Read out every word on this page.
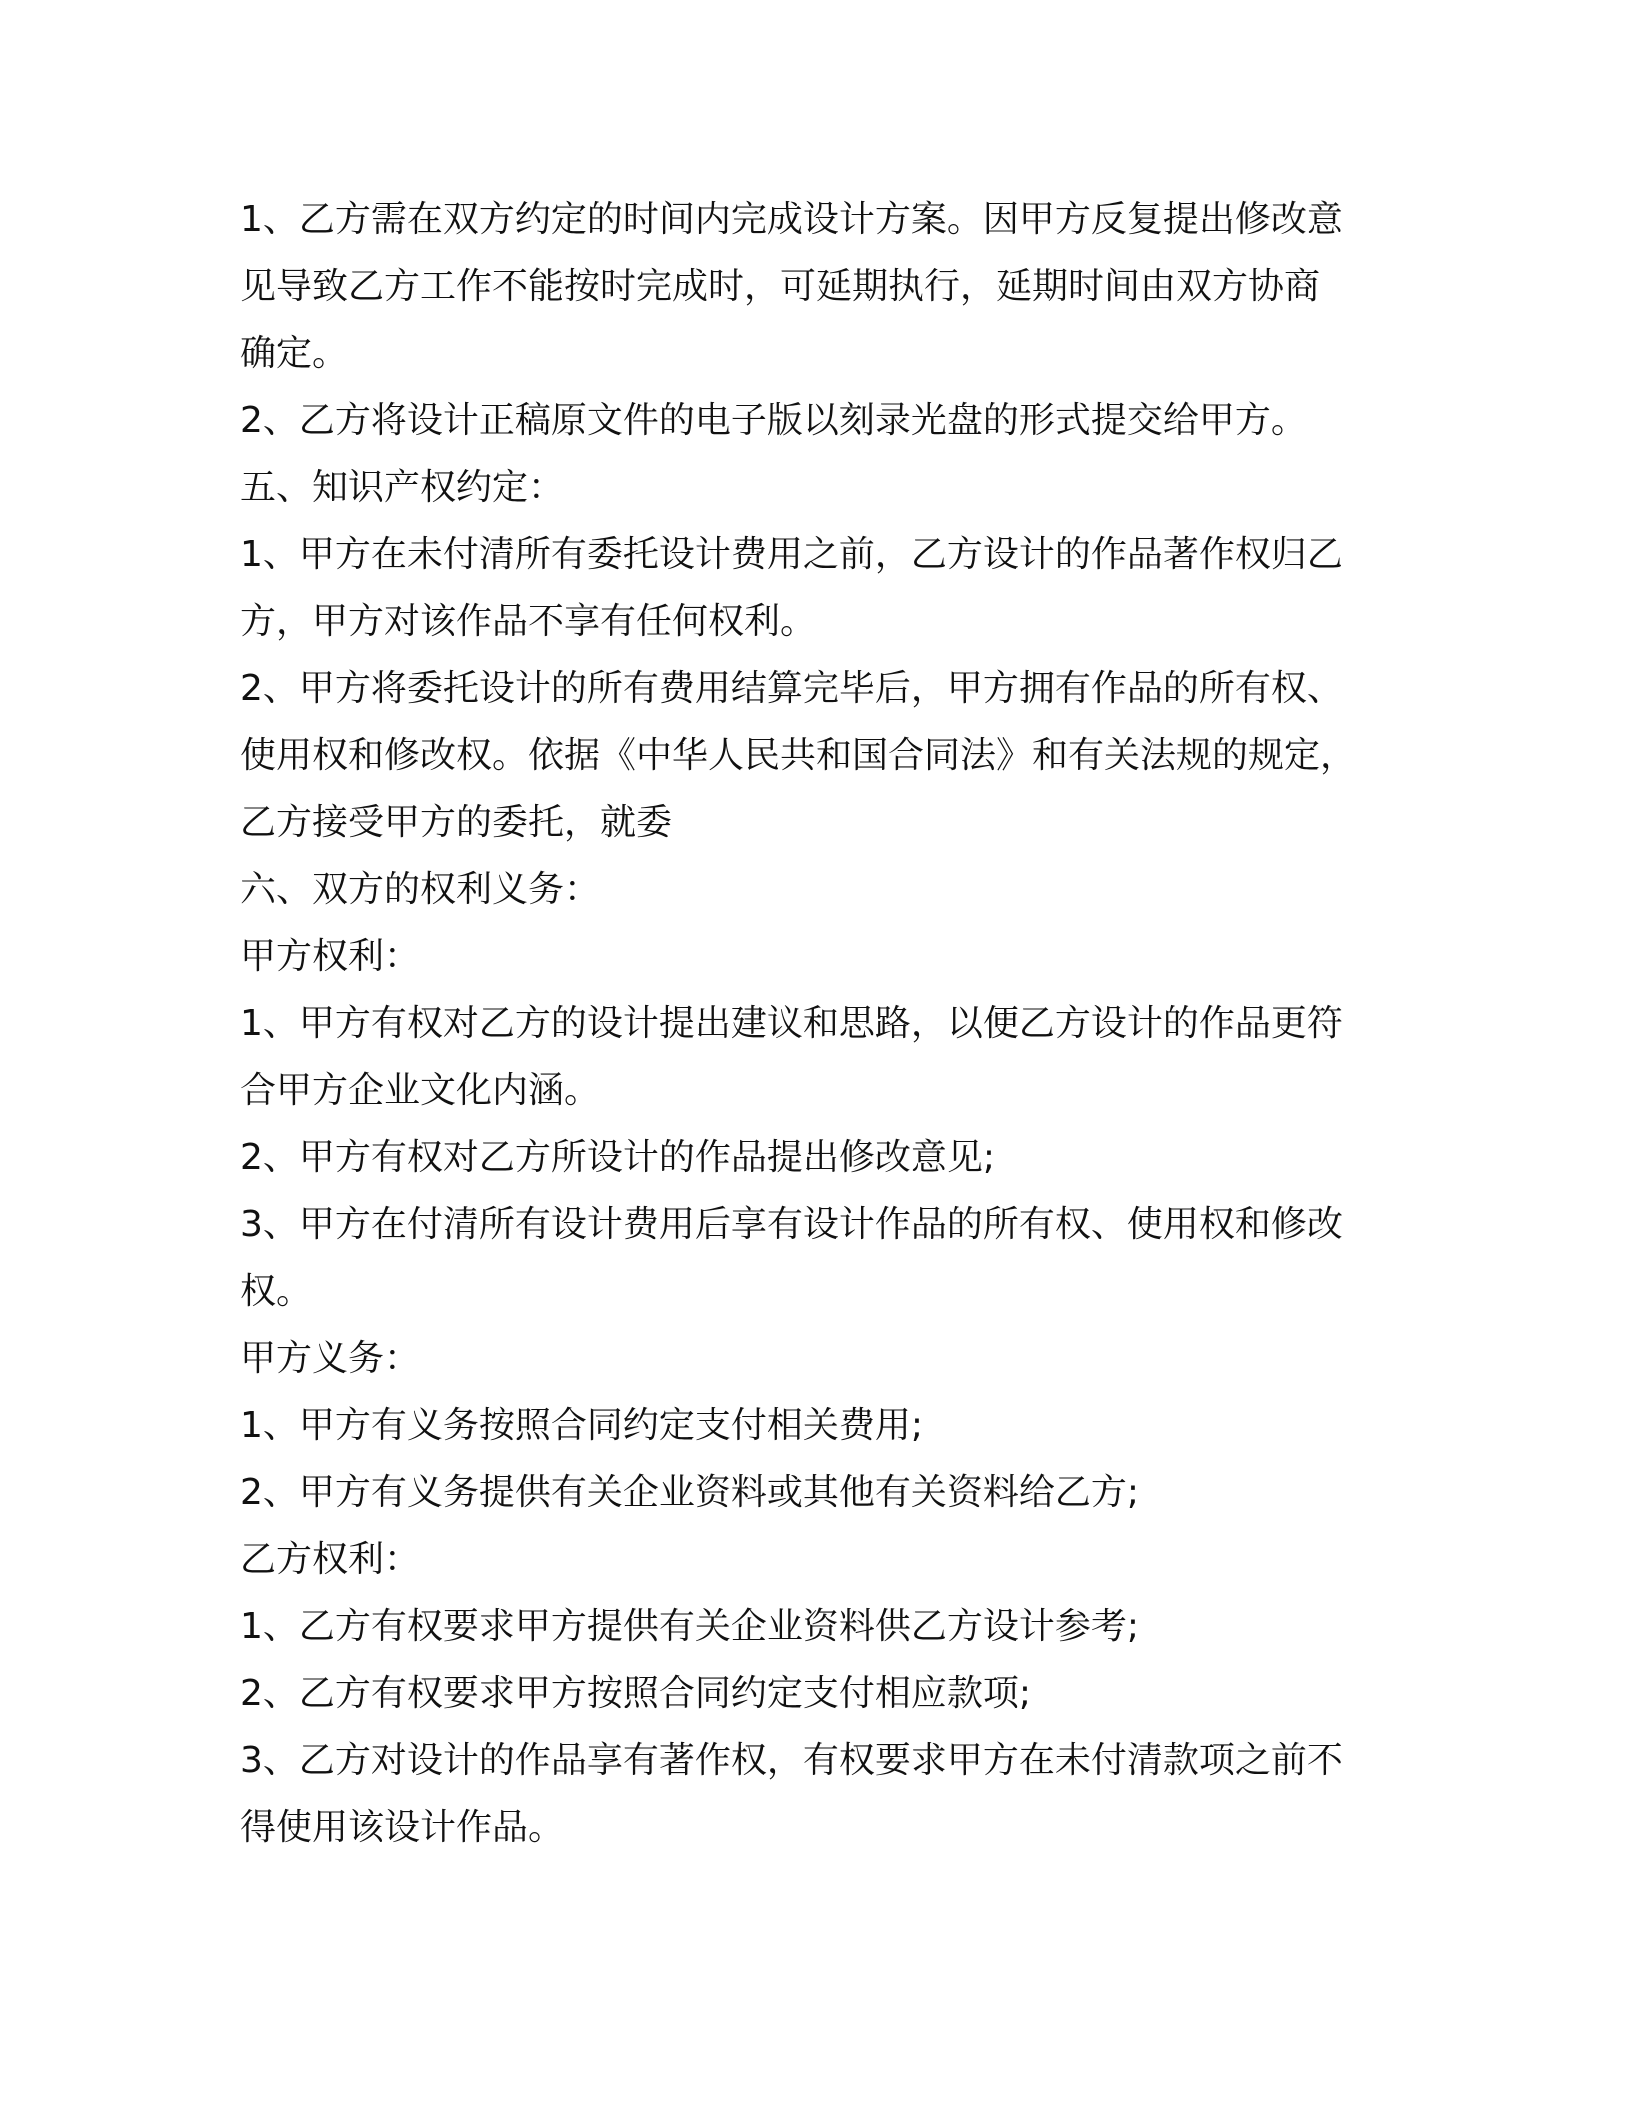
1、乙方需在双方约定的时间内完成设计方案。因甲方反复提出修改意
见导致乙方工作不能按时完成时，可延期执行，延期时间由双方协商
确定。
2、乙方将设计正稿原文件的电子版以刻录光盘的形式提交给甲方。
五、知识产权约定：
1、甲方在未付清所有委托设计费用之前，乙方设计的作品著作权归乙
方，甲方对该作品不享有任何权利。
2、甲方将委托设计的所有费用结算完毕后，甲方拥有作品的所有权、
使用权和修改权。依据《中华人民共和国合同法》和有关法规的规定，
乙方接受甲方的委托，就委
六、双方的权利义务：
甲方权利：
1、甲方有权对乙方的设计提出建议和思路，以便乙方设计的作品更符
合甲方企业文化内涵。
2、甲方有权对乙方所设计的作品提出修改意见;
3、甲方在付清所有设计费用后享有设计作品的所有权、使用权和修改
权。
甲方义务：
1、甲方有义务按照合同约定支付相关费用;
2、甲方有义务提供有关企业资料或其他有关资料给乙方;
乙方权利：
1、乙方有权要求甲方提供有关企业资料供乙方设计参考;
2、乙方有权要求甲方按照合同约定支付相应款项;
3、乙方对设计的作品享有著作权，有权要求甲方在未付清款项之前不
得使用该设计作品。
